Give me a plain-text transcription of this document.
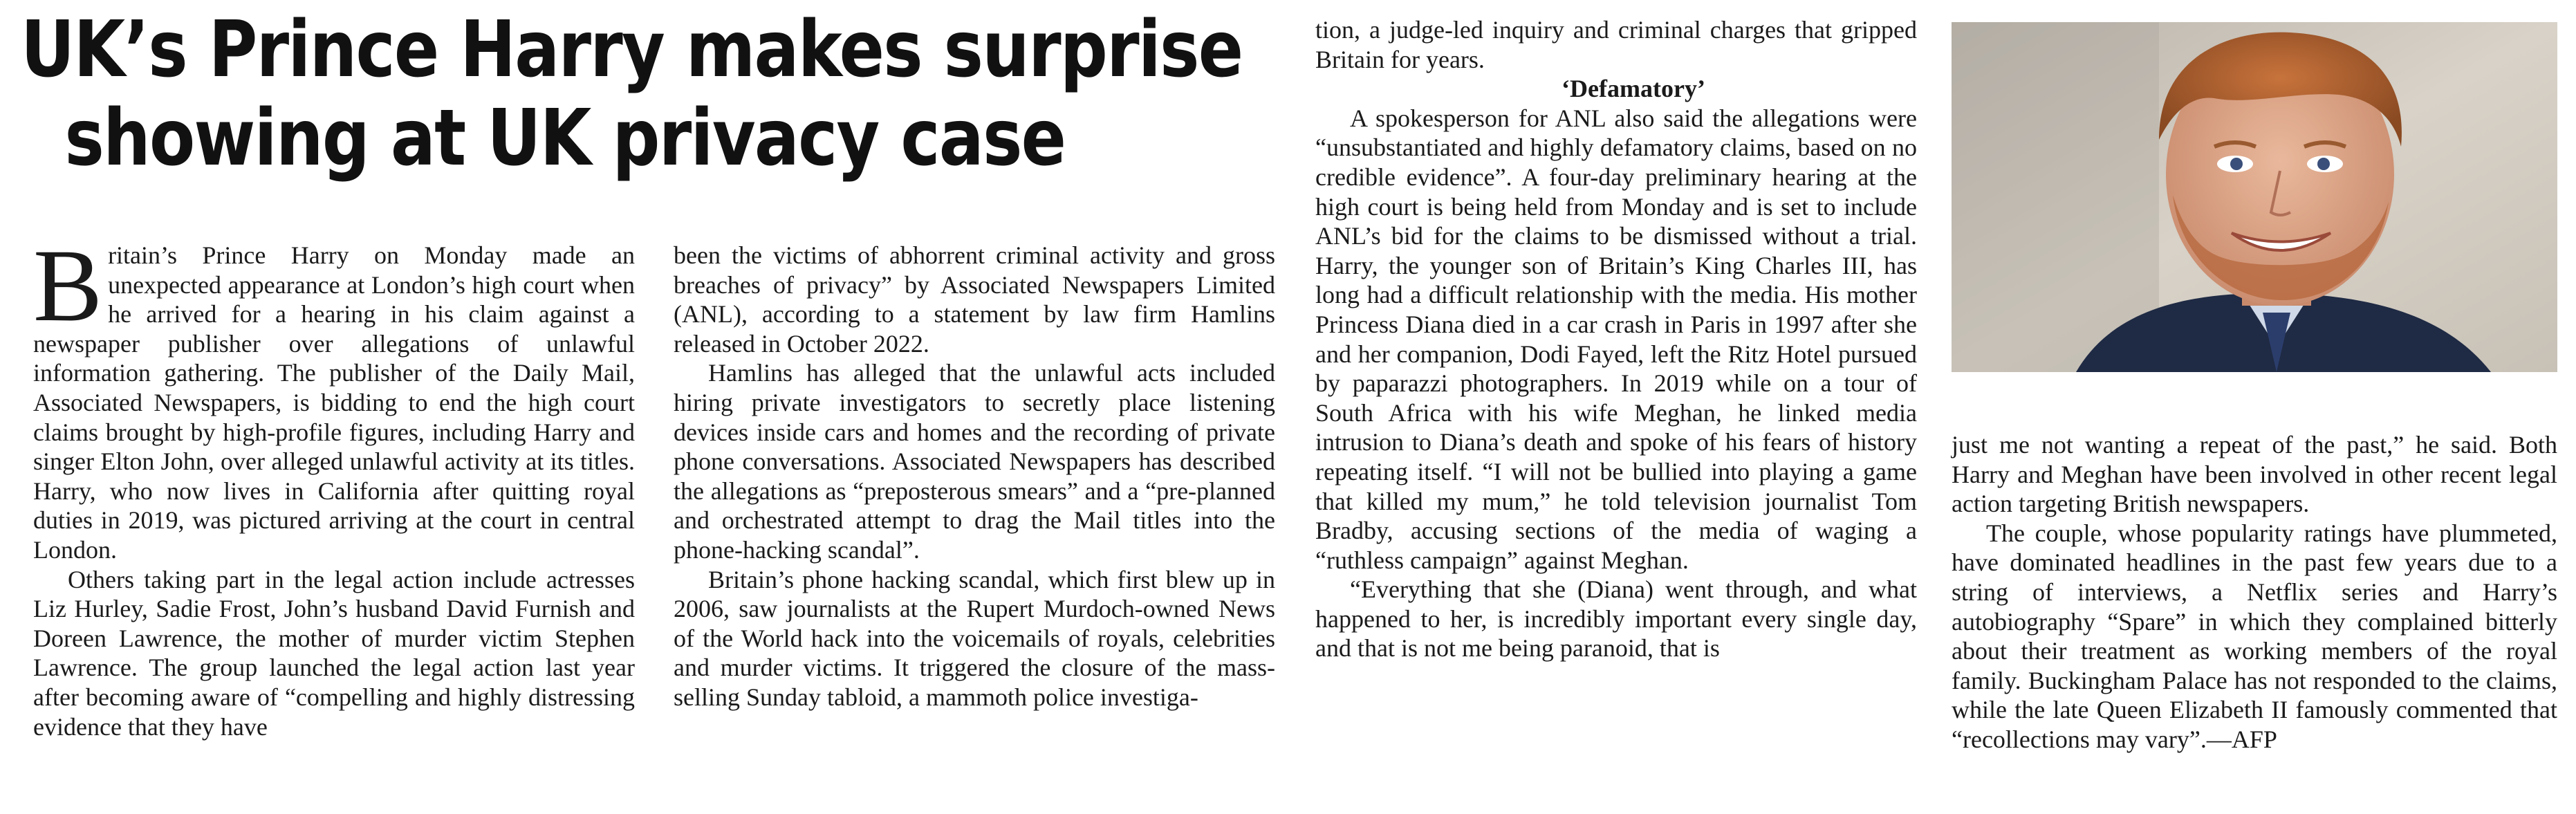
UK’s Prince Harry makes surprise
showing at UK privacy case

Britain’s Prince Harry on Monday made an unexpected appearance at London’s high court when he arrived for a hearing in his claim against a newspaper publisher over allegations of unlawful information gathering. The publisher of the Daily Mail, Associated Newspapers, is bidding to end the high court claims brought by high-profile figures, including Harry and singer Elton John, over alleged unlawful activity at its titles. Harry, who now lives in California after quitting royal duties in 2019, was pictured arriving at the court in central London.

Others taking part in the legal action include actresses Liz Hurley, Sadie Frost, John’s husband David Furnish and Doreen Lawrence, the mother of murder victim Stephen Lawrence. The group launched the legal action last year after becoming aware of “compelling and highly distressing evidence that they have

been the victims of abhorrent criminal activity and gross breaches of privacy” by Associated Newspapers Limited (ANL), according to a statement by law firm Hamlins released in October 2022.

Hamlins has alleged that the unlawful acts included hiring private investigators to secretly place listening devices inside cars and homes and the recording of private phone conversations. Associated Newspapers has described the allegations as “preposterous smears” and a “pre-planned and orchestrated attempt to drag the Mail titles into the phone-hacking scandal”.

Britain’s phone hacking scandal, which first blew up in 2006, saw journalists at the Rupert Murdoch-owned News of the World hack into the voicemails of royals, celebrities and murder victims. It triggered the closure of the mass-selling Sunday tabloid, a mammoth police investiga-

tion, a judge-led inquiry and criminal charges that gripped Britain for years.

‘Defamatory’

A spokesperson for ANL also said the allegations were “unsubstantiated and highly defamatory claims, based on no credible evidence”. A four-day preliminary hearing at the high court is being held from Monday and is set to include ANL’s bid for the claims to be dismissed without a trial. Harry, the younger son of Britain’s King Charles III, has long had a difficult relationship with the media. His mother Princess Diana died in a car crash in Paris in 1997 after she and her companion, Dodi Fayed, left the Ritz Hotel pursued by paparazzi photographers. In 2019 while on a tour of South Africa with his wife Meghan, he linked media intrusion to Diana’s death and spoke of his fears of history repeating itself. “I will not be bullied into playing a game that killed my mum,” he told television journalist Tom Bradby, accusing sections of the media of waging a “ruthless campaign” against Meghan.

“Everything that she (Diana) went through, and what happened to her, is incredibly important every single day, and that is not me being paranoid, that is

just me not wanting a repeat of the past,” he said. Both Harry and Meghan have been involved in other recent legal action targeting British newspapers.

The couple, whose popularity ratings have plummeted, have dominated headlines in the past few years due to a string of interviews, a Netflix series and Harry’s autobiography “Spare” in which they complained bitterly about their treatment as working members of the royal family. Buckingham Palace has not responded to the claims, while the late Queen Elizabeth II famously commented that “recollections may vary”.—AFP
